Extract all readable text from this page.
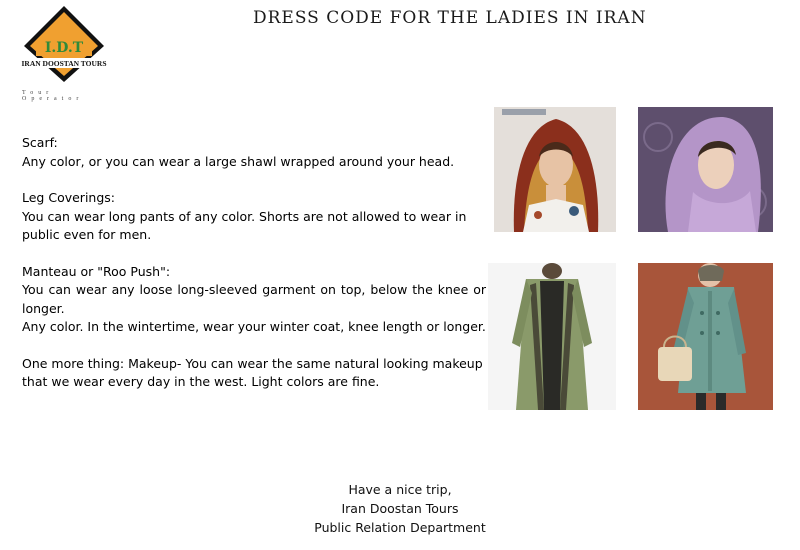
I.D.T
IRAN DOOSTAN TOURS
Tour Operator
DRESS CODE FOR THE LADIES IN IRAN

Scarf:

Any color, or you can wear a large shawl wrapped around your head.

Leg Coverings:

You can wear long pants of any color. Shorts are not allowed to wear in public even for men.

Manteau or "Roo Push":

You can wear any loose long-sleeved garment on top, below the knee or longer.

Any color. In the wintertime, wear your winter coat, knee length or longer.

One more thing: Makeup- You can wear the same natural looking makeup that we wear every day in the west. Light colors are fine.

Have a nice trip,

Iran Doostan Tours

Public Relation Department
